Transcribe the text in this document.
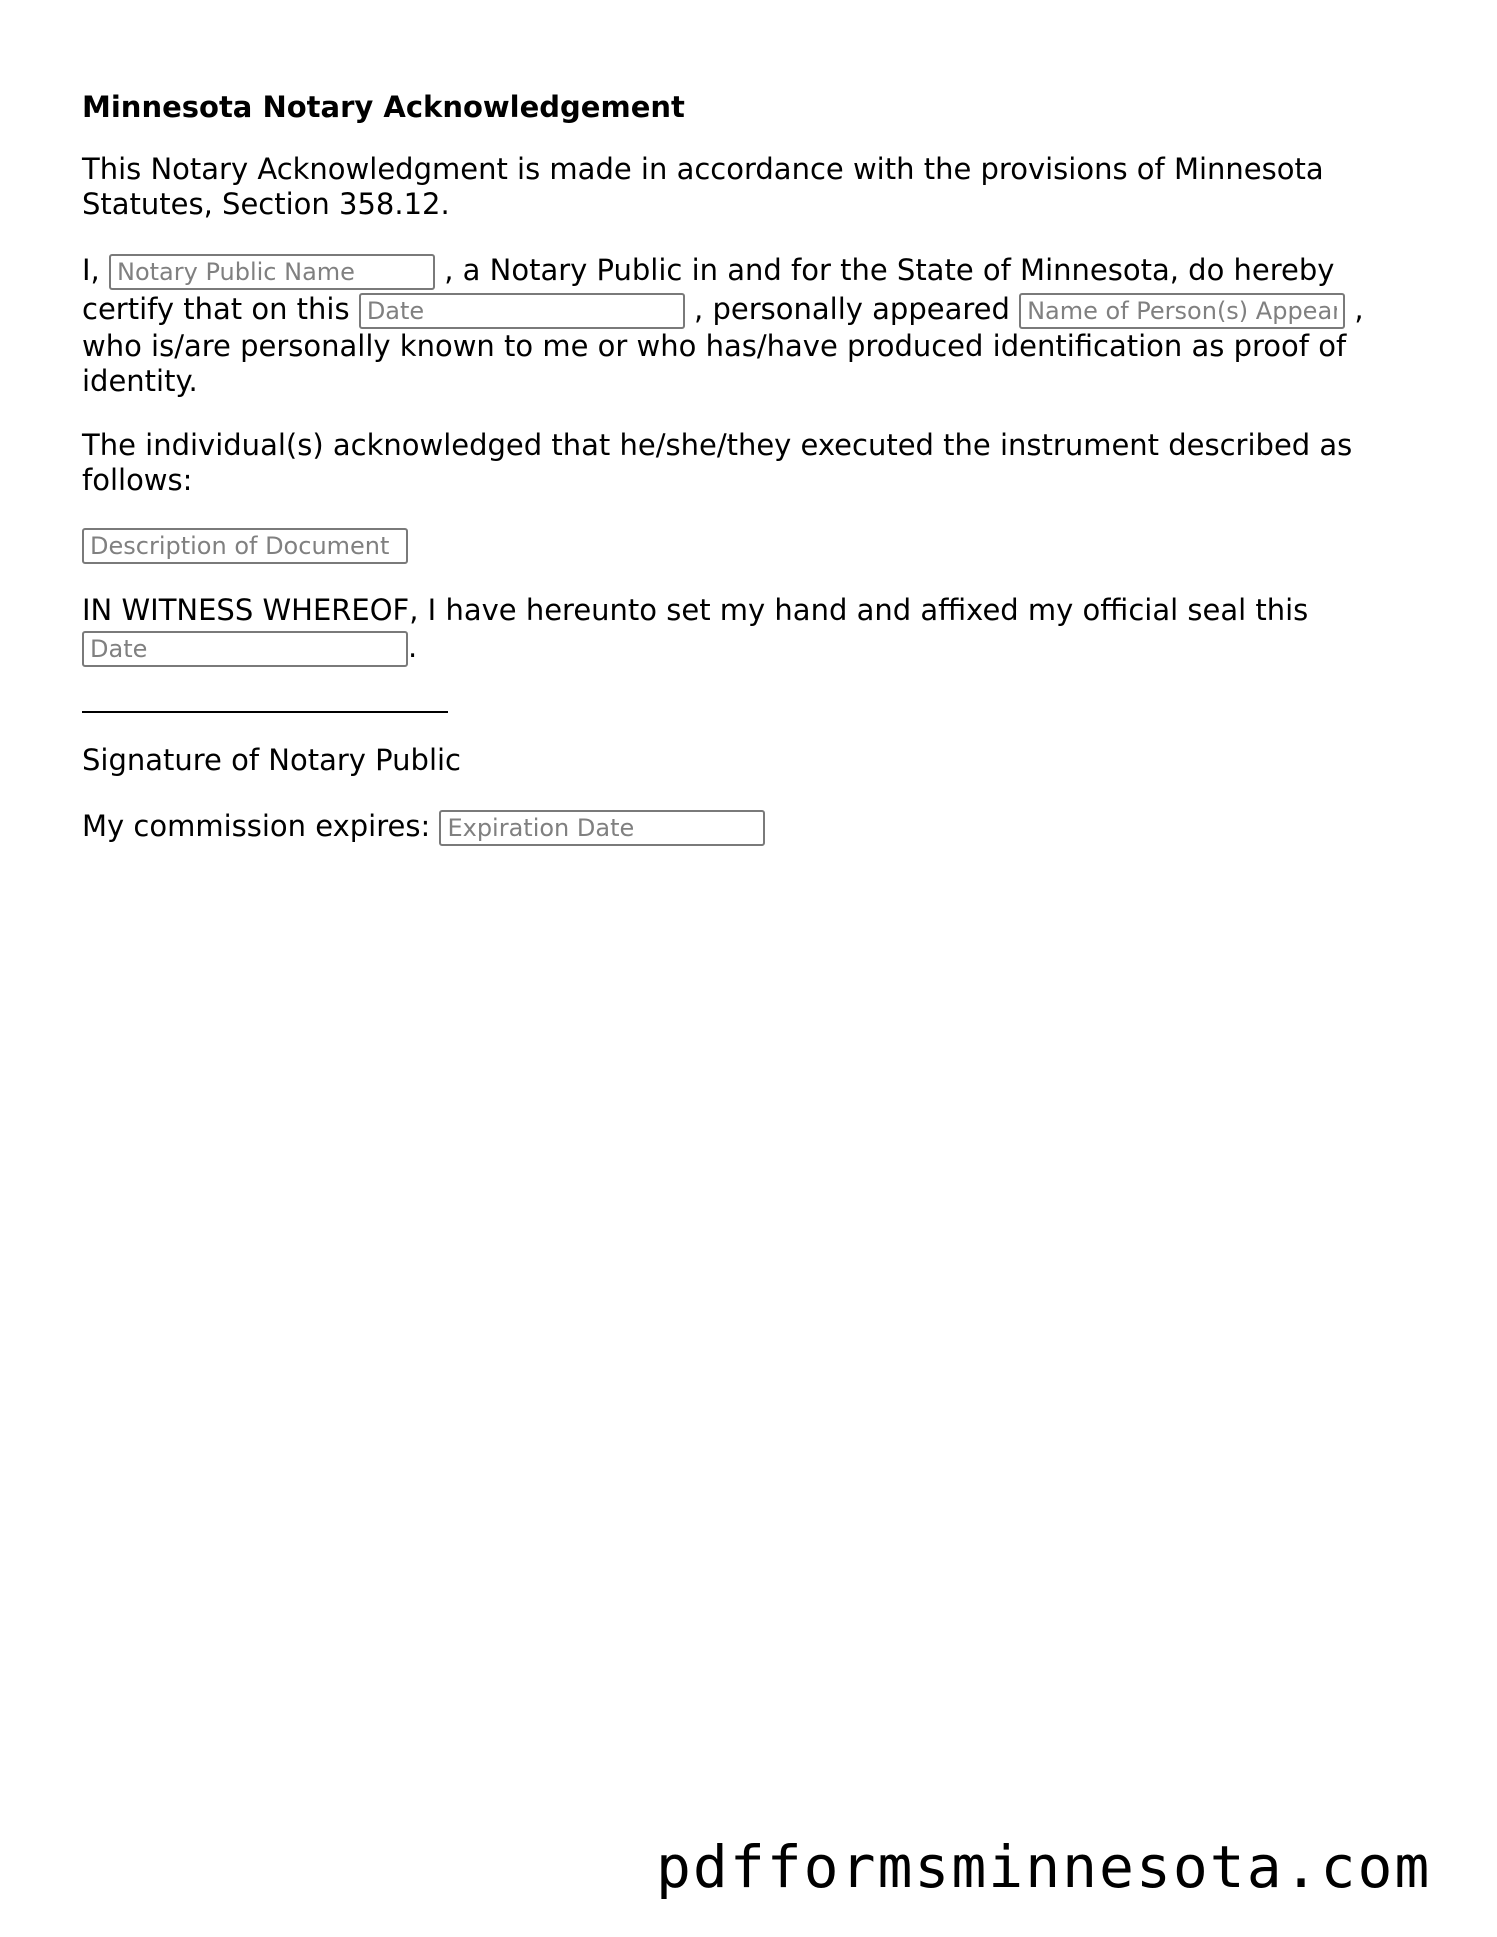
Minnesota Notary Acknowledgement
This Notary Acknowledgment is made in accordance with the provisions of Minnesota
Statutes, Section 358.12.
I, Notary Public Name	, a Notary Public in and for the State of Minnesota, do hereby
certify that on this Date	, personally appeared Name of Person(s) Appearing	,
who is/are personally known to me or who has/have produced identification as proof of
identity.
The individual(s) acknowledged that he/she/they executed the instrument described as
follows:
Description of Document
IN WITNESS WHEREOF, I have hereunto set my hand and affixed my official seal this
Date.
Signature of Notary Public
My commission expires: Expiration Date
pdfformsminnesota.com
